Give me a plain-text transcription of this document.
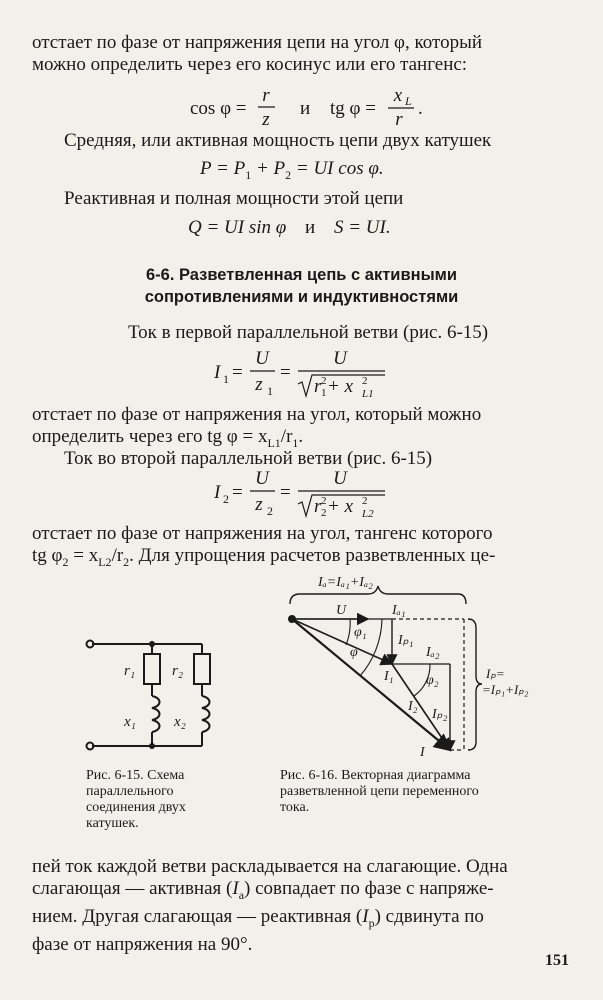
отстает по фазе от напряжения цепи на угол φ, который
можно определить через его косинус или его тангенс:
cos φ =
r
z
и tg φ =
x L
r
.
Средняя, или активная мощность цепи двух катушек
$P = P_1 + P_2$ = UI cos φ.
Реактивная и полная мощности этой цепи
Q = UI sin φ и S = UI.
6-6. Разветвленная цепь с активными
сопротивлениями и индуктивностями
Ток в первой параллельной ветви (рис. 6-15)
I 1 =
U
z 1
=
U
r 1
2 + x L1
2
отстает по фазе от напряжения на угол, который можно
определить через его tg $\varphi = x_{L1}/r_1$.
Ток во второй параллельной ветви (рис. 6-15)
I 2 =
U
z 2
=
U
r 2
2 + x L2
2
отстает по фазе от напряжения на угол, тангенс которого
tg $\varphi_2 = x_{L2}/r_2$. Для упрощения расчетов разветвленных це-
r₁ r₂
x₁	x₂
Рис. 6-15. Схема
параллельного
соединения двух
катушек.
Iₐ=Iₐ₁+Iₐ₂
U	Iₐ₁
φ₁
φ
Iₚ₁
Iₐ₂
I₁ φ₂
I₂
Iₚ₂
I
Iₚ=
=Iₚ₁+Iₚ₂
Рис. 6-16. Векторная диаграмма
разветвленной цепи переменного
тока.
пей ток каждой ветви раскладывается на слагающие. Одна
слагающая — активная $(I_a)$ совпадает по фазе с напряже-
нием. Другая слагающая — реактивная $(I_p)$ сдвинута по
фазе от напряжения на 90°.
151
